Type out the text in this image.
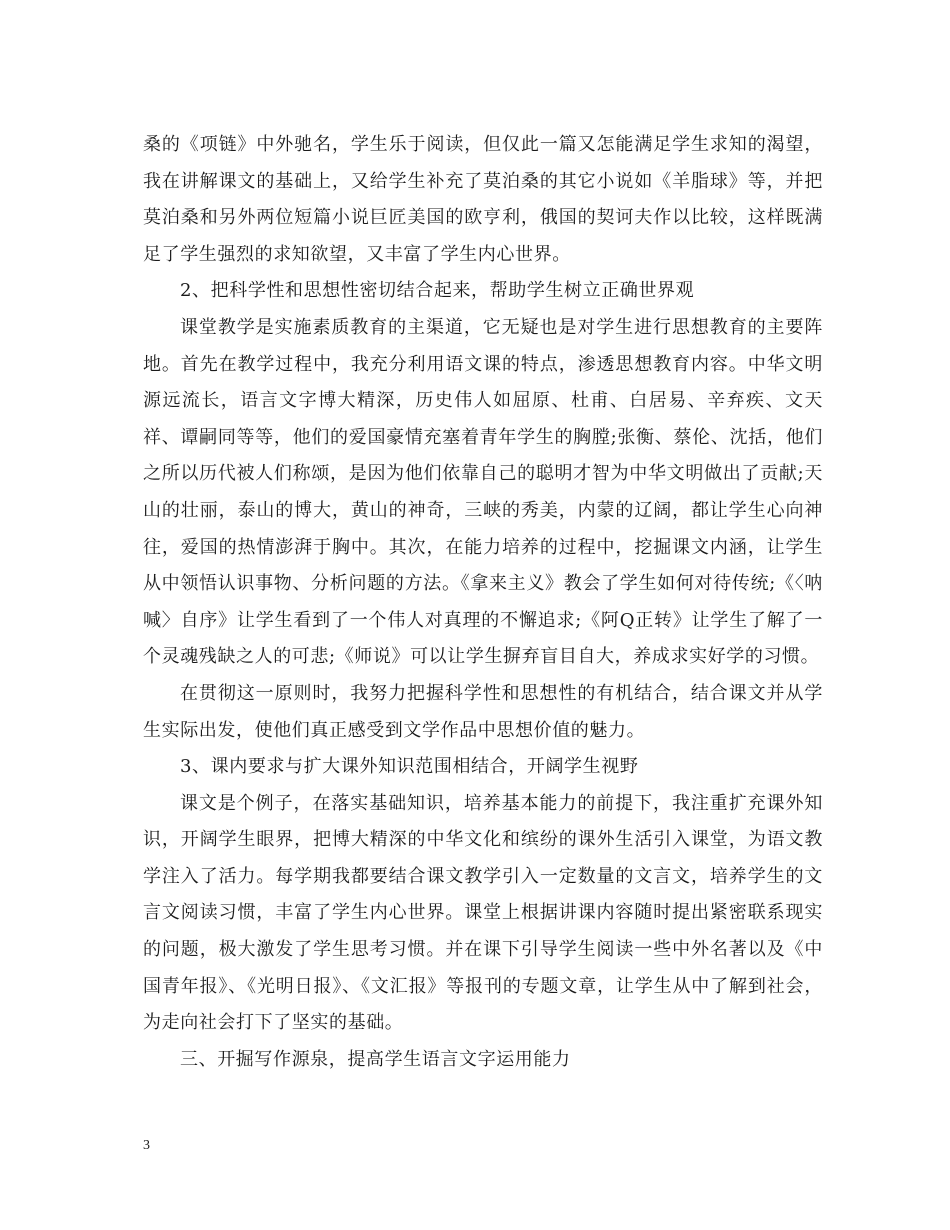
桑的《项链》中外驰名，学生乐于阅读，但仅此一篇又怎能满足学生求知的渴望，我在讲解课文的基础上，又给学生补充了莫泊桑的其它小说如《羊脂球》等，并把莫泊桑和另外两位短篇小说巨匠美国的欧亨利，俄国的契诃夫作以比较，这样既满足了学生强烈的求知欲望，又丰富了学生内心世界。

2、把科学性和思想性密切结合起来，帮助学生树立正确世界观

课堂教学是实施素质教育的主渠道，它无疑也是对学生进行思想教育的主要阵地。首先在教学过程中，我充分利用语文课的特点，渗透思想教育内容。中华文明源远流长，语言文字博大精深，历史伟人如屈原、杜甫、白居易、辛弃疾、文天祥、谭嗣同等等，他们的爱国豪情充塞着青年学生的胸膛;张衡、蔡伦、沈括，他们之所以历代被人们称颂，是因为他们依靠自己的聪明才智为中华文明做出了贡献;天山的壮丽，泰山的博大，黄山的神奇，三峡的秀美，内蒙的辽阔，都让学生心向神往，爱国的热情澎湃于胸中。其次，在能力培养的过程中，挖掘课文内涵，让学生从中领悟认识事物、分析问题的方法。《拿来主义》教会了学生如何对待传统;《〈呐喊〉自序》让学生看到了一个伟人对真理的不懈追求;《阿Q正转》让学生了解了一个灵魂残缺之人的可悲;《师说》可以让学生摒弃盲目自大，养成求实好学的习惯。

在贯彻这一原则时，我努力把握科学性和思想性的有机结合，结合课文并从学生实际出发，使他们真正感受到文学作品中思想价值的魅力。

3、课内要求与扩大课外知识范围相结合，开阔学生视野

课文是个例子，在落实基础知识，培养基本能力的前提下，我注重扩充课外知识，开阔学生眼界，把博大精深的中华文化和缤纷的课外生活引入课堂，为语文教学注入了活力。每学期我都要结合课文教学引入一定数量的文言文，培养学生的文言文阅读习惯，丰富了学生内心世界。课堂上根据讲课内容随时提出紧密联系现实的问题，极大激发了学生思考习惯。并在课下引导学生阅读一些中外名著以及《中国青年报》、《光明日报》、《文汇报》等报刊的专题文章，让学生从中了解到社会，为走向社会打下了坚实的基础。

三、开掘写作源泉，提高学生语言文字运用能力

3
